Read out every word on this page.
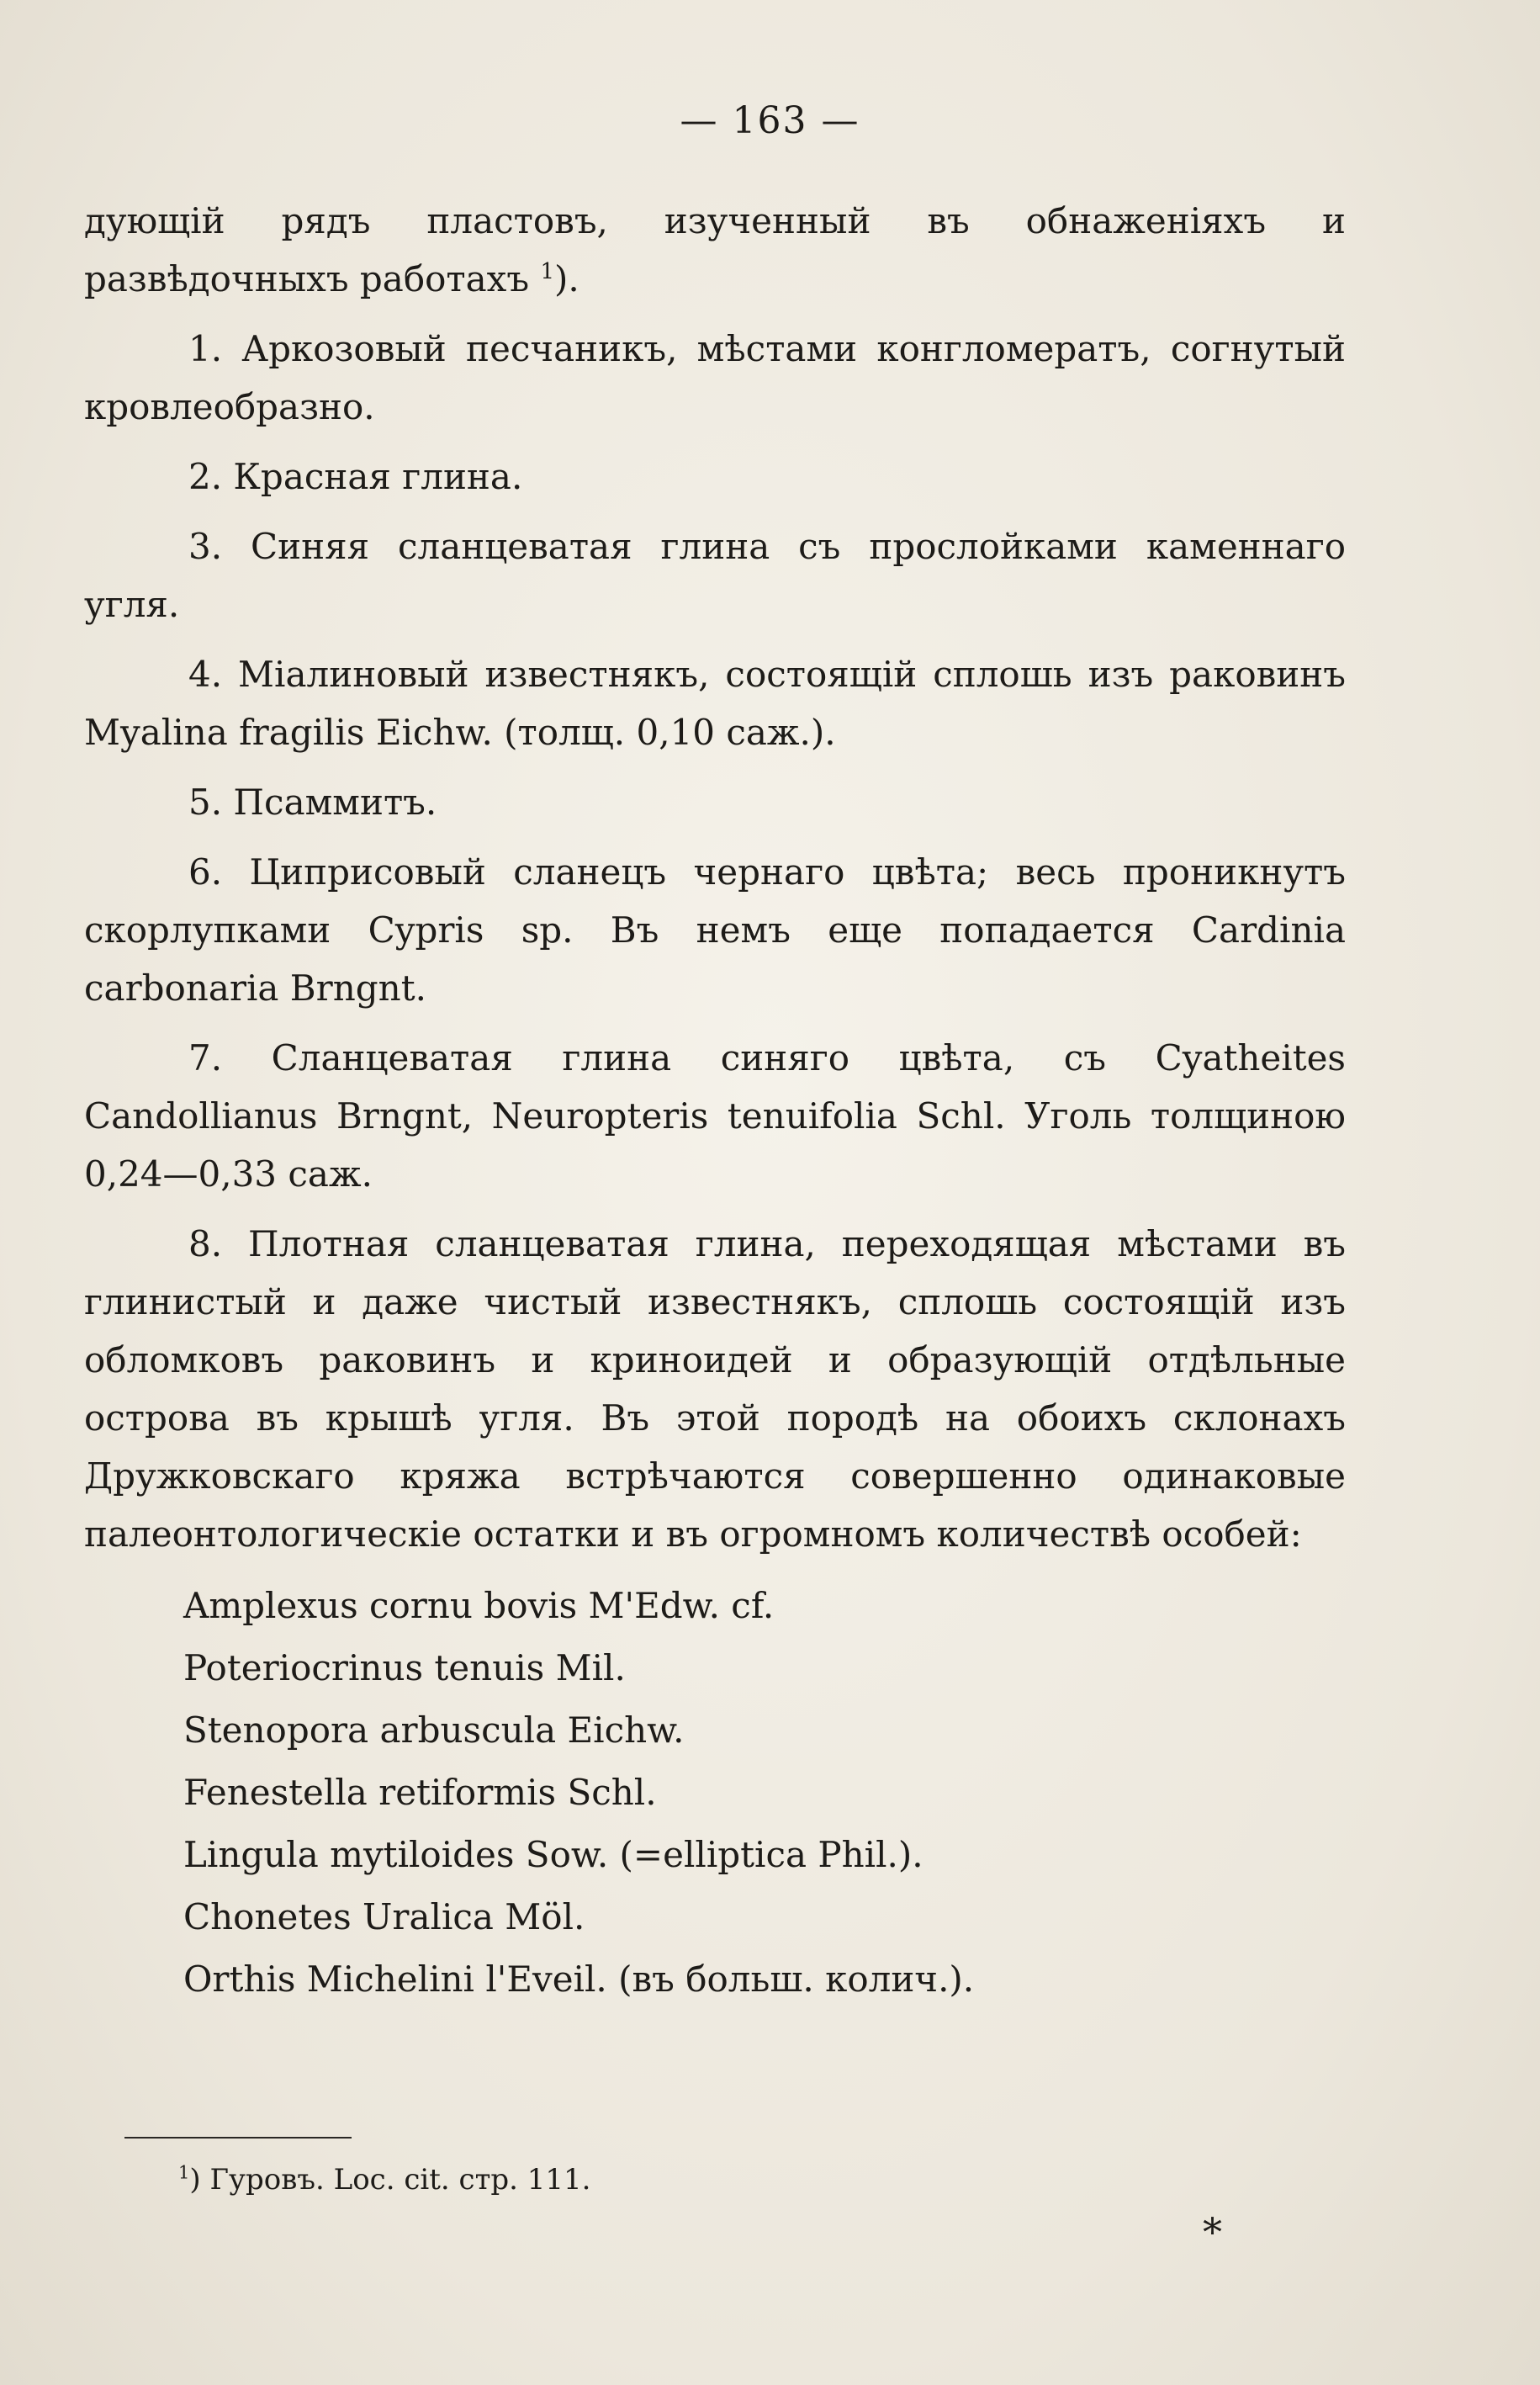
— 163 —

дующій рядъ пластовъ, изученный въ обнаженіяхъ и развѣдочныхъ работахъ $^1$).

1. Аркозовый песчаникъ, мѣстами конгломератъ, согнутый кровлеобразно.

2. Красная глина.

3. Синяя сланцеватая глина съ прослойками каменнаго угля.

4. Міалиновый известнякъ, состоящій сплошь изъ раковинъ Myalina fragilis Eichw. (толщ. 0,10 саж.).

5. Псаммитъ.

6. Циприсовый сланецъ чернаго цвѣта; весь проникнутъ скорлупками Cypris sp. Въ немъ еще попадается Cardinia carbonaria Brngnt.

7. Сланцеватая глина синяго цвѣта, съ Cyatheites Candollianus Brngnt, Neuropteris tenuifolia Schl. Уголь толщиною 0,24—0,33 саж.

8. Плотная сланцеватая глина, переходящая мѣстами въ глинистый и даже чистый известнякъ, сплошь состоящій изъ обломковъ раковинъ и криноидей и образующій отдѣльные острова въ крышѣ угля. Въ этой породѣ на обоихъ склонахъ Дружковскаго кряжа встрѣчаются совершенно одинаковые палеонтологическіе остатки и въ огромномъ количествѣ особей:

Amplexus cornu bovis M'Edw. cf.
Poteriocrinus tenuis Mil.
Stenopora arbuscula Eichw.
Fenestella retiformis Schl.
Lingula mytiloides Sow. (=elliptica Phil.).
Chonetes Uralica Möl.
Orthis Michelini l'Eveil. (въ больш. колич.).
$^1$) Гуровъ. Loc. cit. стр. 111.
*
